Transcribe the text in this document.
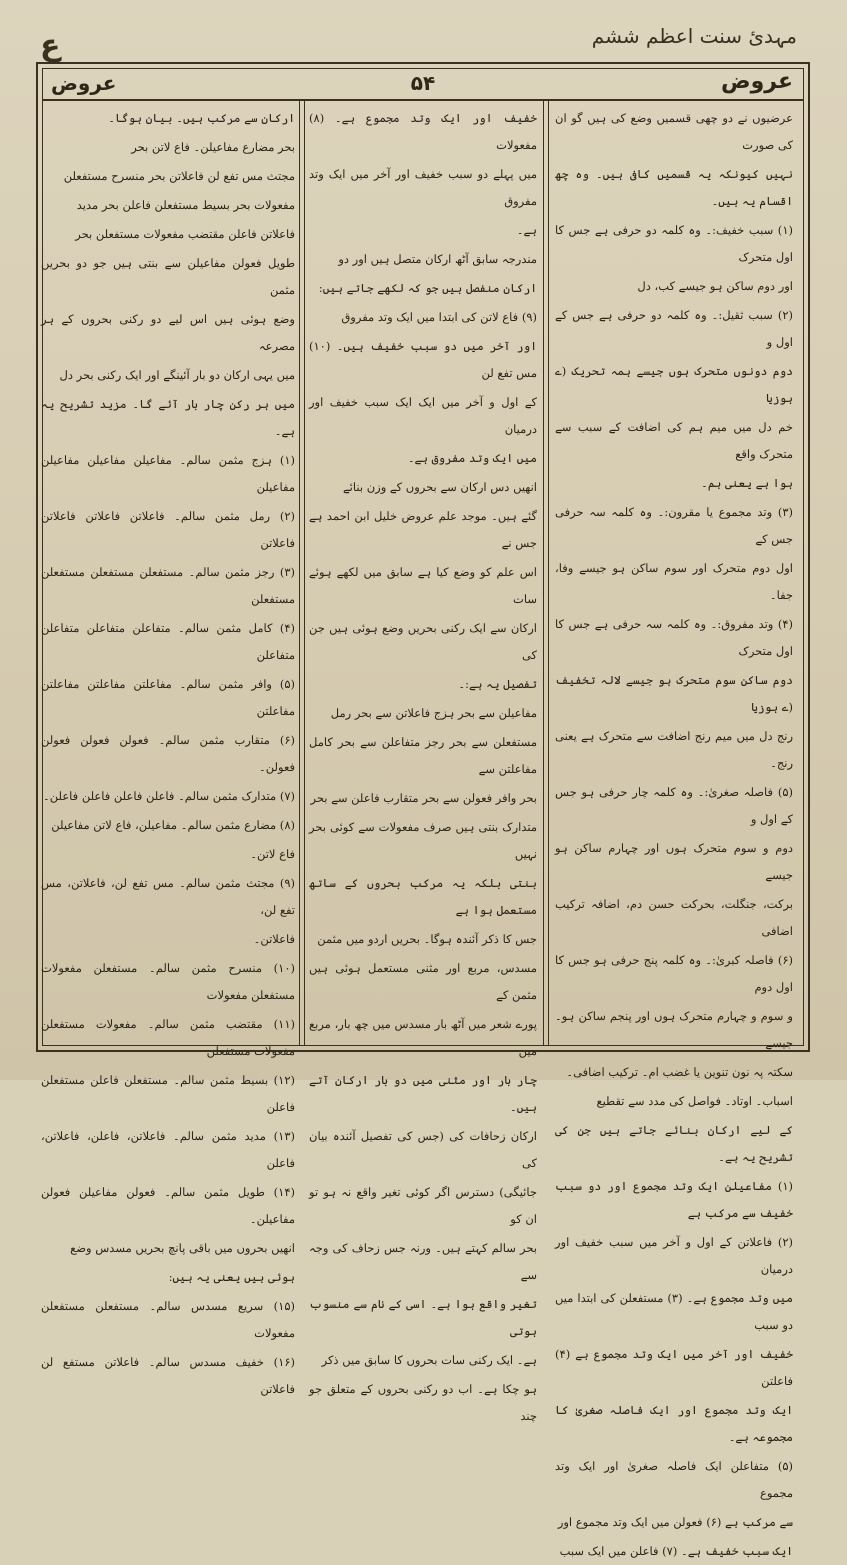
ع	مہدیٔ سنت اعظم ششم
عروض	۵۴	عروض

عرضیوں نے دو چھی قسمیں وضع کی ہیں گو ان کی صورت

نہیں کیونکہ یہ قسمیں کافی ہیں۔ وہ چھ اقسام یہ ہیں۔

(۱) سبب خفیف:۔ وہ کلمہ دو حرفی ہے جس کا اول متحرک

اور دوم ساکن ہو جیسے کب، دل

(۲) سبب ثقیل:۔ وہ کلمہ دو حرفی ہے جس کے اول و

دوم دونوں متحرک ہوں جیسے ہمہ تحریک (ے ہوزیا

خم دل میں میم ہم کی اضافت کے سبب سے متحرک واقع

ہوا ہے یعنی ہم۔

(۳) وتد مجموع یا مقرون:۔ وہ کلمہ سہ حرفی جس کے

اول دوم متحرک اور سوم ساکن ہو جیسے وفا، جفا۔

(۴) وتد مفروق:۔ وہ کلمہ سہ حرفی ہے جس کا اول متحرک

دوم ساکن سوم متحرک ہو جیسے لالہ تخفیف (ے ہوزیا

رنج دل میں میم رنج اضافت سے متحرک ہے یعنی رنج۔

(۵) فاصلہ صغریٰ:۔ وہ کلمہ چار حرفی ہو جس کے اول و

دوم و سوم متحرک ہوں اور چہارم ساکن ہو جیسے

برکت، جنگلت، بحرکت حسن دم، اضافہ ترکیب اضافی

(۶) فاصلہ کبریٰ:۔ وہ کلمہ پنج حرفی ہو جس کا اول دوم

و سوم و چہارم متحرک ہوں اور پنجم ساکن ہو۔ جیسے

سکتہ پہ نون تنوین یا غضب ام۔ ترکیب اضافی۔

اسباب۔ اوتاد۔ فواصل کی مدد سے تقطیع

کے لیے ارکان بنائے جاتے ہیں جن کی تشریح یہ ہے۔

(۱) مفاعیلن ایک وتد مجموع اور دو سبب خفیف سے مرکب ہے

(۲) فاعلاتن کے اول و آخر میں سبب خفیف اور درمیان

میں وتد مجموع ہے۔ (۳) مستفعلن کی ابتدا میں دو سبب

خفیف اور آخر میں ایک وتد مجموع ہے (۴) فاعلتن

ایک وتد مجموع اور ایک فاصلہ صغریٰ کا مجموعہ ہے۔

(۵) متفاعلن ایک فاصلہ صغریٰ اور ایک وتد مجموع

سے مرکب ہے (۶) فعولن میں ایک وتد مجموع اور

ایک سبب خفیف ہے۔ (۷) فاعلن میں ایک سبب

خفیف اور ایک وتد مجموع ہے۔ (۸) مفعولات

میں پہلے دو سبب خفیف اور آخر میں ایک وتد مفروق

ہے۔

مندرجہ سابق آٹھ ارکان متصل ہیں اور دو

ارکان منفصل ہیں جو کہ لکھے جاتے ہیں:

(۹) فاع لاتن کی ابتدا میں ایک وتد مفروق

اور آخر میں دو سبب خفیف ہیں۔ (۱۰) مس تفع لن

کے اول و آخر میں ایک ایک سبب خفیف اور درمیان

میں ایک وتد مفروق ہے۔

انھیں دس ارکان سے بحروں کے وزن بنائے

گئے ہیں۔ موجد علم عروض خلیل ابن احمد ہے جس نے

اس علم کو وضع کیا ہے سابق میں لکھے ہوئے سات

ارکان سے ایک رکنی بحریں وضع ہوئی ہیں جن کی

تفصیل یہ ہے:۔

مفاعیلن سے بحر ہزج فاعلاتن سے بحر رمل

مستفعلن سے بحر رجز متفاعلن سے بحر کامل مفاعلتن سے

بحر وافر فعولن سے بحر متقارب فاعلن سے بحر

متدارک بنتی ہیں صرف مفعولات سے کوئی بحر نہیں

بنتی بلکہ یہ مرکب بحروں کے ساتھ مستعمل ہوا ہے

جس کا ذکر آئندہ ہوگا۔ بحریں اردو میں مثمن

مسدس، مربع اور مثنی مستعمل ہوئی ہیں مثمن کے

پورے شعر میں آٹھ بار مسدس میں چھ بار، مربع میں

چار بار اور مثنی میں دو بار ارکان آتے ہیں۔

ارکان زحافات کی (جس کی تفصیل آئندہ بیان کی

جائیگی) دسترس اگر کوئی تغیر واقع نہ ہو تو ان کو

بحر سالم کہتے ہیں۔ ورنہ جس زحاف کی وجہ سے

تغیر واقع ہوا ہے۔ اسی کے نام سے منسوب ہوتی

ہے۔ ایک رکنی سات بحروں کا سابق میں ذکر

ہو چکا ہے۔ اب دو رکنی بحروں کے متعلق جو چند

ارکان سے مرکب ہیں۔ بیان ہوگا۔

بحر مضارع مفاعیلن۔ فاع لاتن بحر

مجتث مس تفع لن فاعلاتن بحر منسرح مستفعلن

مفعولات بحر بسیط مستفعلن فاعلن بحر مدید

فاعلاتن فاعلن مقتضب مفعولات مستفعلن بحر

طویل فعولن مفاعیلن سے بنتی ہیں جو دو بحریں مثمن

وضع ہوئی ہیں اس لیے دو رکنی بحروں کے ہر مصرعہ

میں یہی ارکان دو بار آئینگے اور ایک رکنی بحر دل

میں ہر رکن چار بار آئے گا۔ مزید تشریح یہ ہے۔

(۱) ہزج مثمن سالم۔ مفاعیلن مفاعیلن مفاعیلن مفاعیلن

(۲) رمل مثمن سالم۔ فاعلاتن فاعلاتن فاعلاتن فاعلاتن

(۳) رجز مثمن سالم۔ مستفعلن مستفعلن مستفعلن مستفعلن

(۴) کامل مثمن سالم۔ متفاعلن متفاعلن متفاعلن متفاعلن

(۵) وافر مثمن سالم۔ مفاعلتن مفاعلتن مفاعلتن مفاعلتن

(۶) متقارب مثمن سالم۔ فعولن فعولن فعولن فعولن۔

(۷) متدارک مثمن سالم۔ فاعلن فاعلن فاعلن فاعلن۔

(۸) مضارع مثمن سالم۔ مفاعیلن، فاع لاتن مفاعیلن

فاع لاتن۔

(۹) مجتث مثمن سالم۔ مس تفع لن، فاعلاتن، مس تفع لن،

فاعلاتن۔

(۱۰) منسرح مثمن سالم۔ مستفعلن مفعولات مستفعلن مفعولات

(۱۱) مقتضب مثمن سالم۔ مفعولات مستفعلن مفعولات مستفعلن

(۱۲) بسیط مثمن سالم۔ مستفعلن فاعلن مستفعلن فاعلن

(۱۳) مدید مثمن سالم۔ فاعلاتن، فاعلن، فاعلاتن، فاعلن

(۱۴) طویل مثمن سالم۔ فعولن مفاعیلن فعولن مفاعیلن۔

انھیں بحروں میں باقی پانچ بحریں مسدس وضع

ہوئی ہیں یعنی یہ ہیں:

(۱۵) سریع مسدس سالم۔ مستفعلن مستفعلن مفعولات

(۱۶) خفیف مسدس سالم۔ فاعلاتن مستفع لن فاعلاتن
